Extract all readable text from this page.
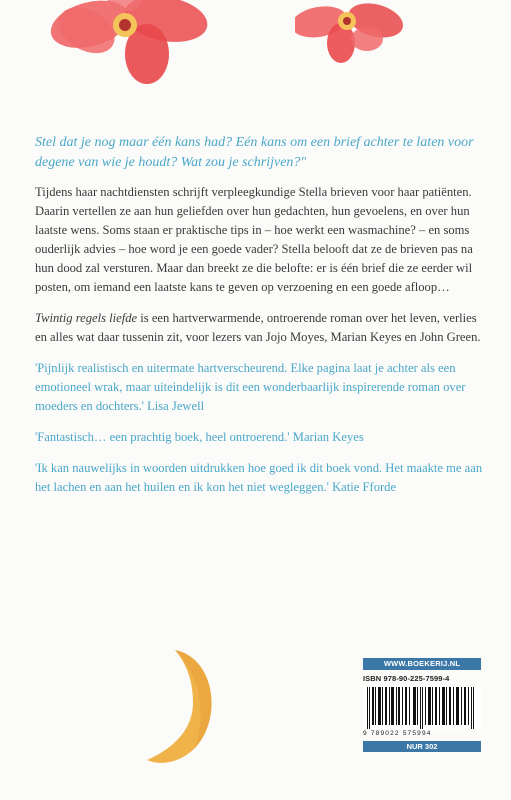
Stel dat je nog maar één kans had? Eén kans om een brief achter te laten voor degene van wie je houdt? Wat zou je schrijven?"

Tijdens haar nachtdiensten schrijft verpleegkundige Stella brieven voor haar patiënten. Daarin vertellen ze aan hun geliefden over hun gedachten, hun gevoelens, en over hun laatste wens. Soms staan er praktische tips in – hoe werkt een wasmachine? – en soms ouderlijk advies – hoe word je een goede vader? Stella belooft dat ze de brieven pas na hun dood zal versturen. Maar dan breekt ze die belofte: er is één brief die ze eerder wil posten, om iemand een laatste kans te geven op verzoening en een goede afloop…

Twintig regels liefde is een hartverwarmende, ontroerende roman over het leven, verlies en alles wat daar tussenin zit, voor lezers van Jojo Moyes, Marian Keyes en John Green.

'Pijnlijk realistisch en uitermate hartverscheurend. Elke pagina laat je achter als een emotioneel wrak, maar uiteindelijk is dit een wonderbaarlijk inspirerende roman over moeders en dochters.' Lisa Jewell

'Fantastisch… een prachtig boek, heel ontroerend.' Marian Keyes

'Ik kan nauwelijks in woorden uitdrukken hoe goed ik dit boek vond. Het maakte me aan het lachen en aan het huilen en ik kon het niet wegleggen.' Katie Fforde

WWW.BOEKERIJ.NL
ISBN 978-90-225-7599-4
9 789022 575994
NUR 302
